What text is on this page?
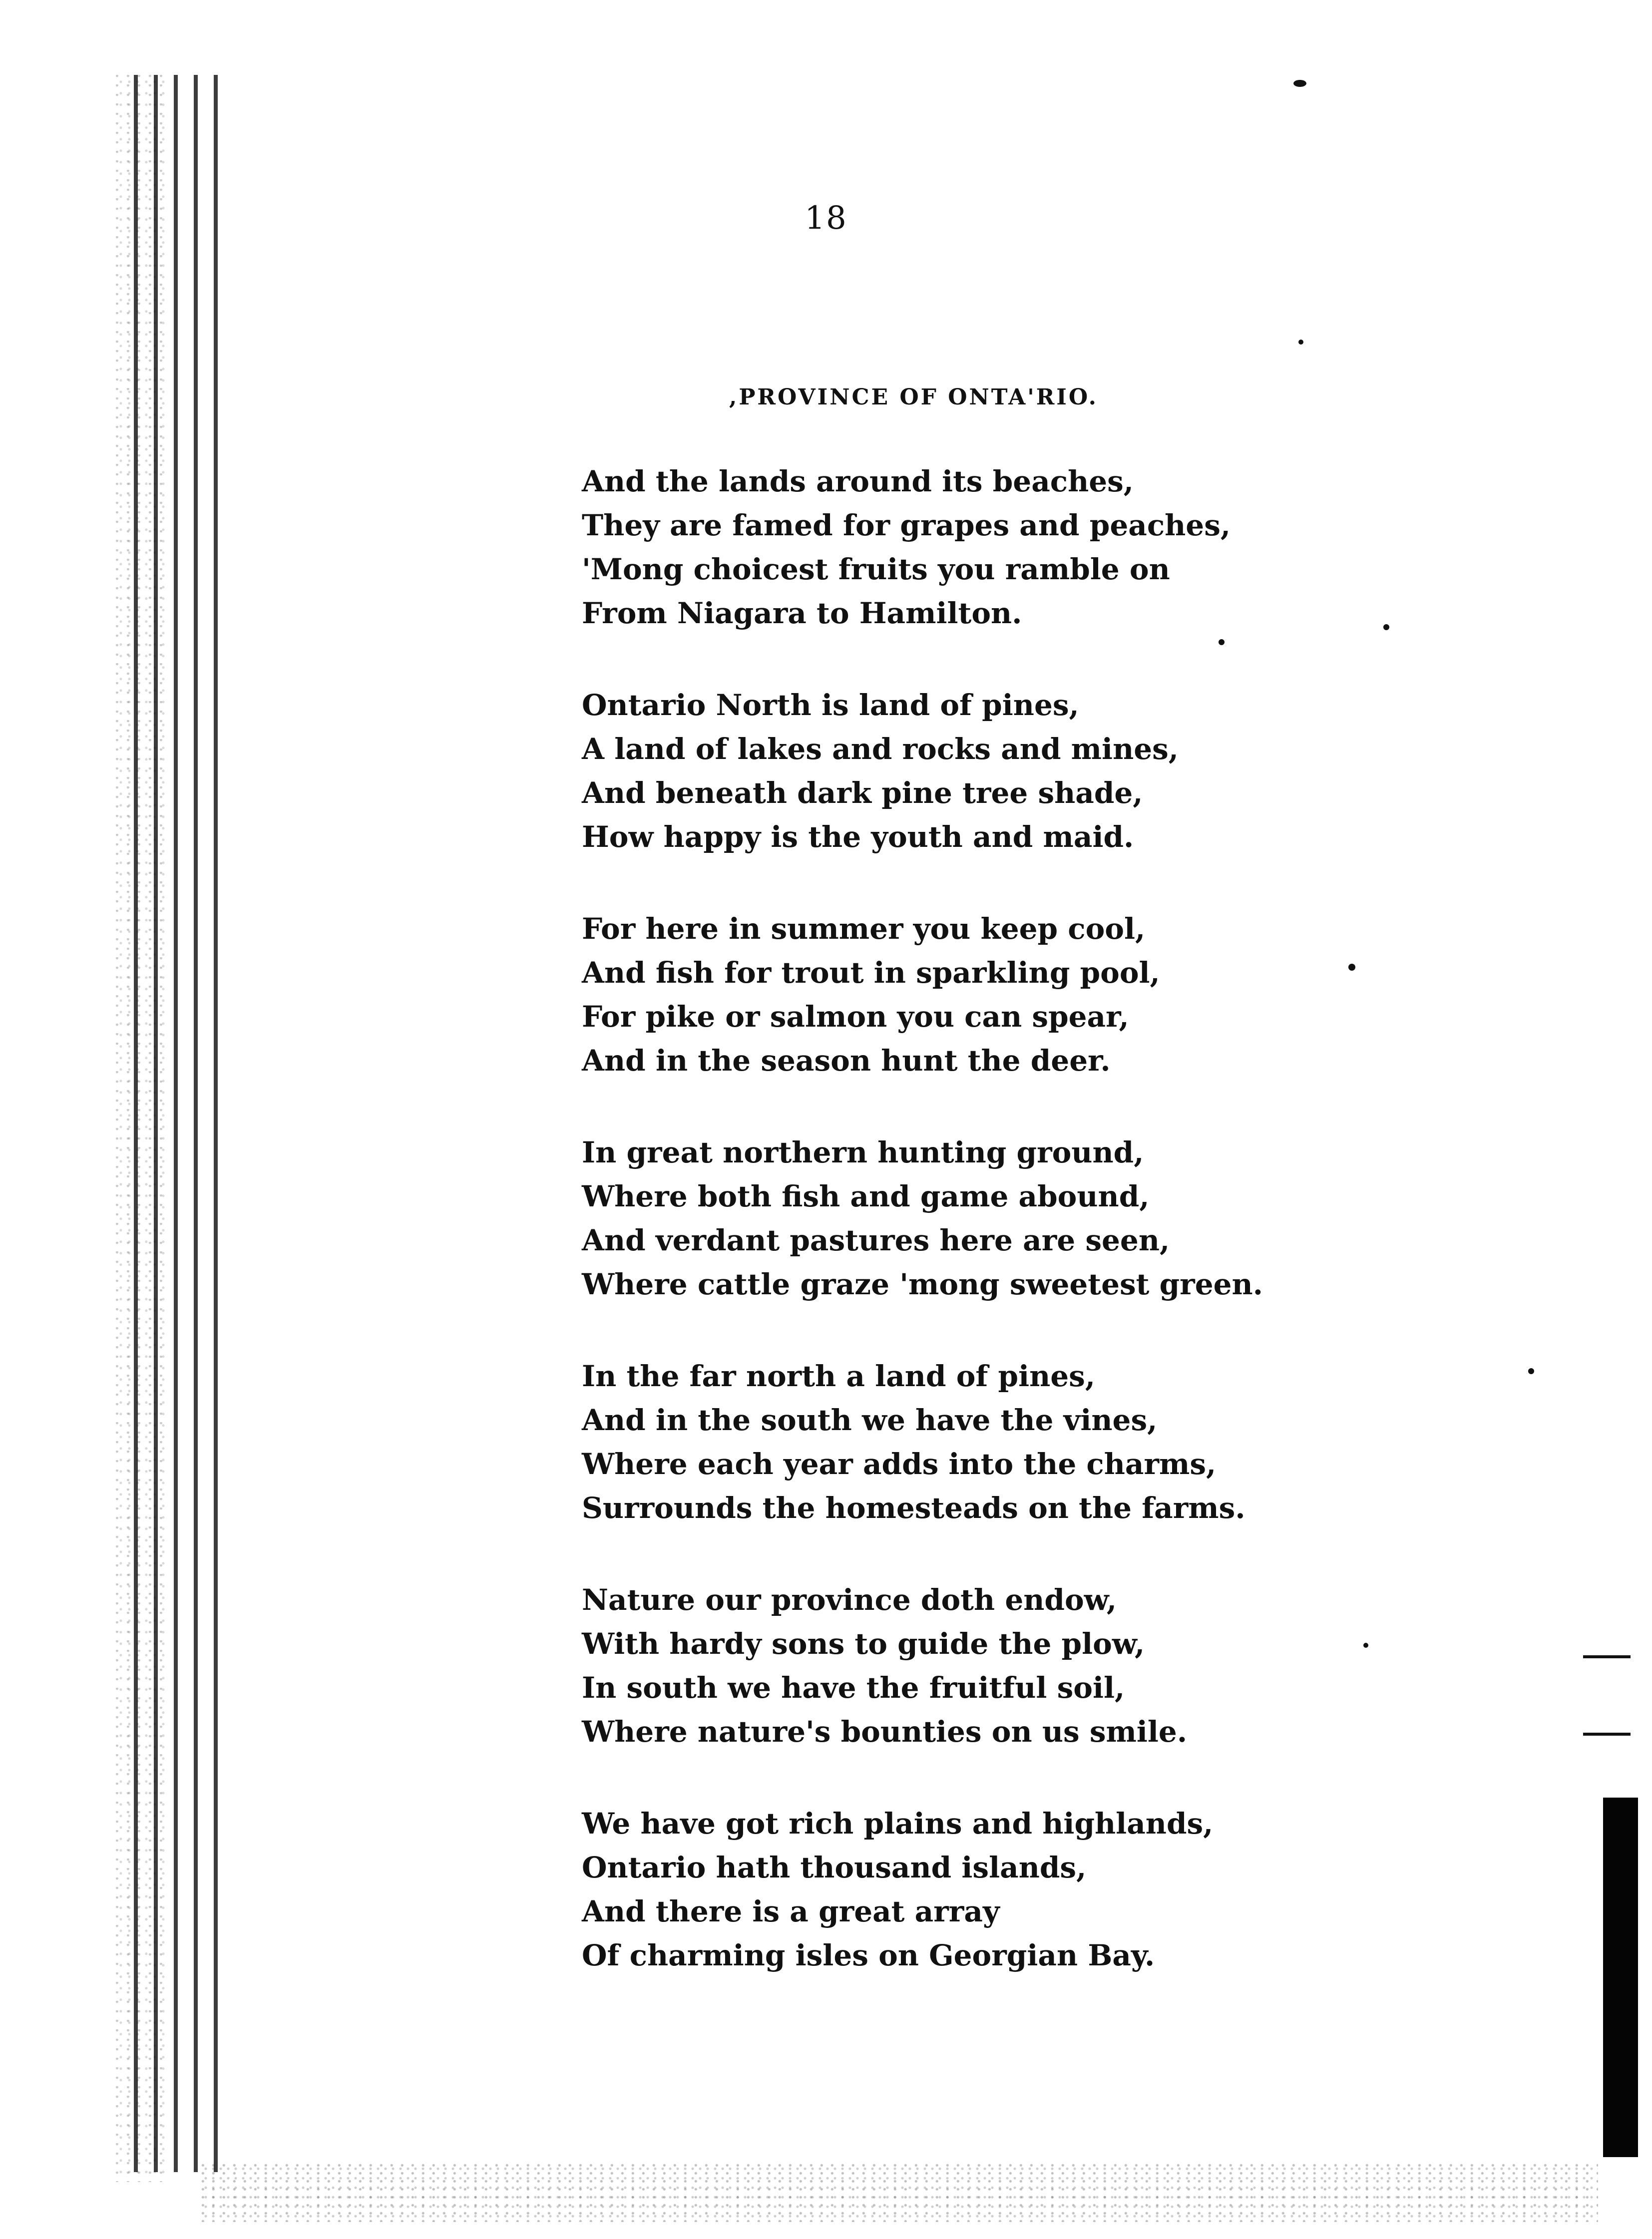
18
,PROVINCE OF ONTA'RIO.
And the lands around its beaches,
They are famed for grapes and peaches,
'Mong choicest fruits you ramble on
From Niagara to Hamilton.
Ontario North is land of pines,
A land of lakes and rocks and mines,
And beneath dark pine tree shade,
How happy is the youth and maid.
For here in summer you keep cool,
And fish for trout in sparkling pool,
For pike or salmon you can spear,
And in the season hunt the deer.
In great northern hunting ground,
Where both fish and game abound,
And verdant pastures here are seen,
Where cattle graze 'mong sweetest green.
In the far north a land of pines,
And in the south we have the vines,
Where each year adds into the charms,
Surrounds the homesteads on the farms.
Nature our province doth endow,
With hardy sons to guide the plow,
In south we have the fruitful soil,
Where nature's bounties on us smile.
We have got rich plains and highlands,
Ontario hath thousand islands,
And there is a great array
Of charming isles on Georgian Bay.
